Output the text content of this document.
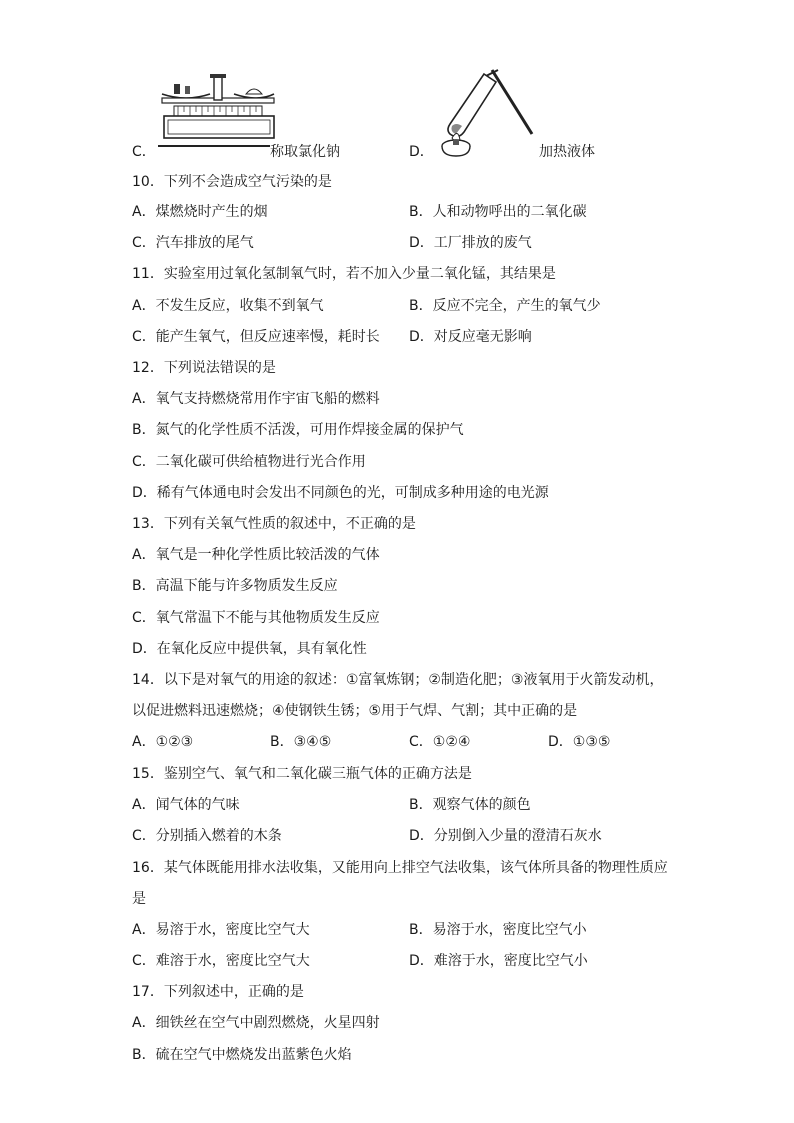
C．	称取氯化钠	D．	加热液体
10．下列不会造成空气污染的是
A．煤燃烧时产生的烟	B．人和动物呼出的二氧化碳
C．汽车排放的尾气	D．工厂排放的废气
11．实验室用过氧化氢制氧气时，若不加入少量二氧化锰，其结果是
A．不发生反应，收集不到氧气	B．反应不完全，产生的氧气少
C．能产生氧气，但反应速率慢，耗时长 D．对反应毫无影响
12．下列说法错误的是
A．氧气支持燃烧常用作宇宙飞船的燃料
B．氮气的化学性质不活泼，可用作焊接金属的保护气
C．二氧化碳可供给植物进行光合作用
D．稀有气体通电时会发出不同颜色的光，可制成多种用途的电光源
13．下列有关氧气性质的叙述中，不正确的是
A．氧气是一种化学性质比较活泼的气体
B．高温下能与许多物质发生反应
C．氧气常温下不能与其他物质发生反应
D．在氧化反应中提供氧，具有氧化性
14．以下是对氧气的用途的叙述：①富氧炼钢；②制造化肥；③液氧用于火箭发动机，
以促进燃料迅速燃烧；④使钢铁生锈；⑤用于气焊、气割；其中正确的是
A．①②③	B．③④⑤	C．①②④	D．①③⑤
15．鉴别空气、氧气和二氧化碳三瓶气体的正确方法是
A．闻气体的气味	B．观察气体的颜色
C．分别插入燃着的木条	D．分别倒入少量的澄清石灰水
16．某气体既能用排水法收集，又能用向上排空气法收集，该气体所具备的物理性质应
是
A．易溶于水，密度比空气大	B．易溶于水，密度比空气小
C．难溶于水，密度比空气大	D．难溶于水，密度比空气小
17．下列叙述中，正确的是
A．细铁丝在空气中剧烈燃烧，火星四射
B．硫在空气中燃烧发出蓝紫色火焰
